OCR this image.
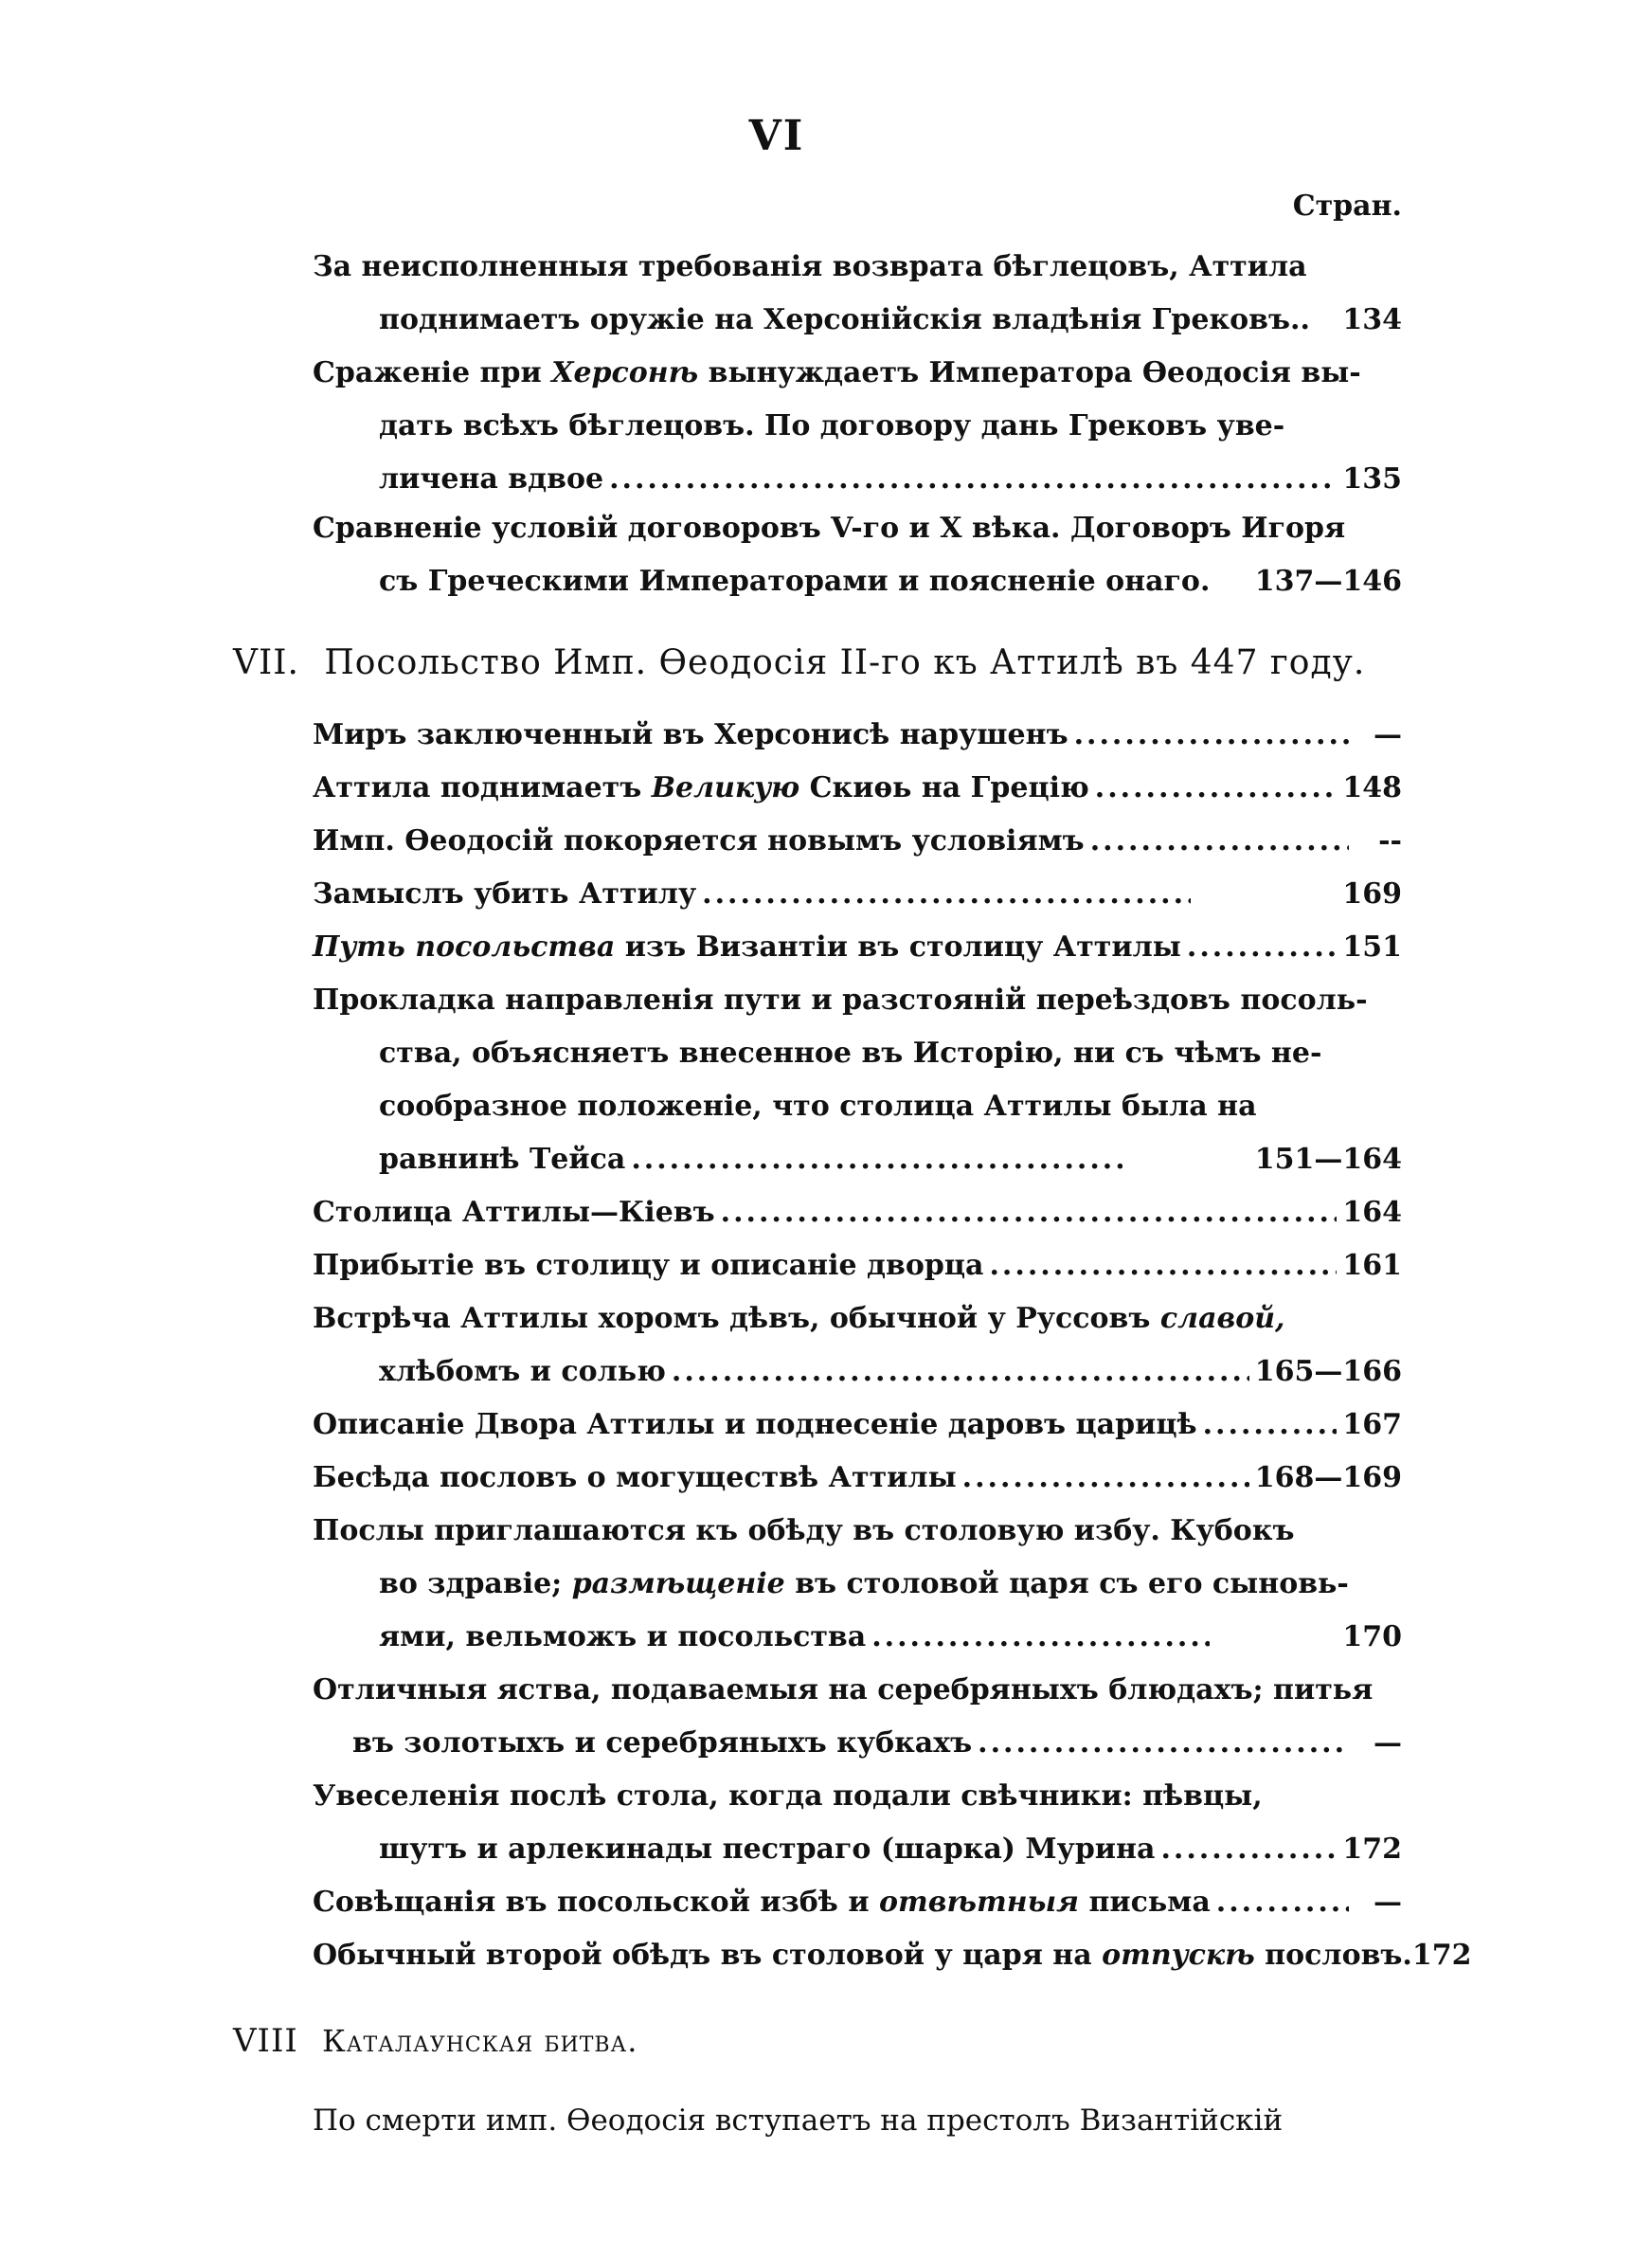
VI
Стран.
За неисполненныя требованія возврата бѣглецовъ, Аттила
поднимаетъ оружіе на Херсонійскія владѣнія Грековъ.. 134
Сраженіе при Херсонѣ вынуждаетъ Императора Ѳеодосія вы-
дать всѣхъ бѣглецовъ. По договору дань Грековъ уве-
личена вдвое .....	135
Сравненіе условій договоровъ V-го и X вѣка. Договоръ Игоря
съ Греческими Императорами и поясненіе онаго. 137—146
VII. Посольство Имп. Ѳеодосія II-го къ Аттилѣ въ 447 году.
Миръ заключенный въ Херсонисѣ нарушенъ .....	—
Аттила поднимаетъ Великую Скиѳь на Грецію .....	148
Имп. Ѳеодосій покоряется новымъ условіямъ .....	--
Замыслъ убить Аттилу .....	169
Путь посольства изъ Византіи въ столицу Аттилы .....	151
Прокладка направленія пути и разстояній переѣздовъ посоль-
ства, объясняетъ внесенное въ Исторію, ни съ чѣмъ не-
сообразное положеніе, что столица Аттилы была на
равнинѣ Тейса .....	151—164
Столица Аттилы—Кіевъ .....	164
Прибытіе въ столицу и описаніе дворца .....	161
Встрѣча Аттилы хоромъ дѣвъ, обычной у Руссовъ славой,
хлѣбомъ и солью .....	165—166
Описаніе Двора Аттилы и поднесеніе даровъ царицѣ .....	167
Бесѣда пословъ о могуществѣ Аттилы .....	168—169
Послы приглашаются къ обѣду въ столовую избу. Кубокъ
во здравіе; размѣщеніе въ столовой царя съ его сыновь-
ями, вельможъ и посольства .....	170
Отличныя яства, подаваемыя на серебряныхъ блюдахъ; питья
въ золотыхъ и серебряныхъ кубкахъ .....	—
Увеселенія послѣ стола, когда подали свѣчники: пѣвцы,
шутъ и арлекинады пестраго (шарка) Мурина .....	172
Совѣщанія въ посольской избѣ и отвѣтныя письма .....	—
Обычный второй обѣдъ въ столовой у царя на отпускѣ пословъ. 172
VIII Каталаунская битва.
По смерти имп. Ѳеодосія вступаетъ на престолъ Византійскій
